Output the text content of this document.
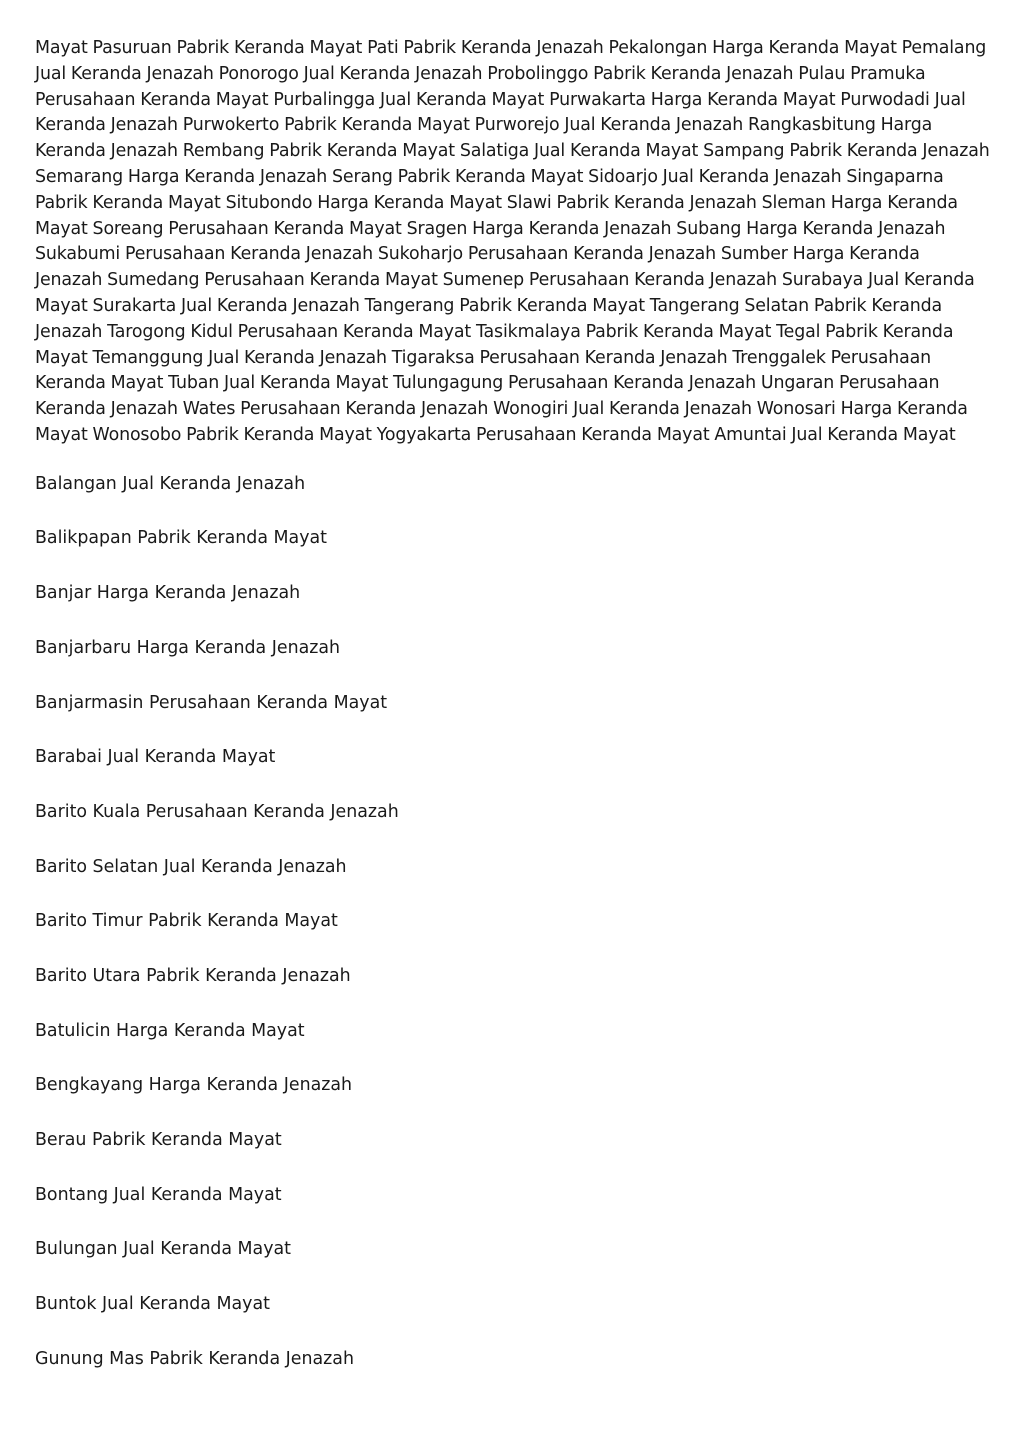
Mayat Pasuruan Pabrik Keranda Mayat Pati Pabrik Keranda Jenazah Pekalongan Harga Keranda Mayat Pemalang Jual Keranda Jenazah Ponorogo Jual Keranda Jenazah Probolinggo Pabrik Keranda Jenazah Pulau Pramuka Perusahaan Keranda Mayat Purbalingga Jual Keranda Mayat Purwakarta Harga Keranda Mayat Purwodadi Jual Keranda Jenazah Purwokerto Pabrik Keranda Mayat Purworejo Jual Keranda Jenazah Rangkasbitung Harga Keranda Jenazah Rembang Pabrik Keranda Mayat Salatiga Jual Keranda Mayat Sampang Pabrik Keranda Jenazah Semarang Harga Keranda Jenazah Serang Pabrik Keranda Mayat Sidoarjo Jual Keranda Jenazah Singaparna Pabrik Keranda Mayat Situbondo Harga Keranda Mayat Slawi Pabrik Keranda Jenazah Sleman Harga Keranda Mayat Soreang Perusahaan Keranda Mayat Sragen Harga Keranda Jenazah Subang Harga Keranda Jenazah Sukabumi Perusahaan Keranda Jenazah Sukoharjo Perusahaan Keranda Jenazah Sumber Harga Keranda Jenazah Sumedang Perusahaan Keranda Mayat Sumenep Perusahaan Keranda Jenazah Surabaya Jual Keranda Mayat Surakarta Jual Keranda Jenazah Tangerang Pabrik Keranda Mayat Tangerang Selatan Pabrik Keranda Jenazah Tarogong Kidul Perusahaan Keranda Mayat Tasikmalaya Pabrik Keranda Mayat Tegal Pabrik Keranda Mayat Temanggung Jual Keranda Jenazah Tigaraksa Perusahaan Keranda Jenazah Trenggalek Perusahaan Keranda Mayat Tuban Jual Keranda Mayat Tulungagung Perusahaan Keranda Jenazah Ungaran Perusahaan Keranda Jenazah Wates Perusahaan Keranda Jenazah Wonogiri Jual Keranda Jenazah Wonosari Harga Keranda Mayat Wonosobo Pabrik Keranda Mayat Yogyakarta Perusahaan Keranda Mayat Amuntai Jual Keranda Mayat

Balangan Jual Keranda Jenazah
Balikpapan Pabrik Keranda Mayat
Banjar Harga Keranda Jenazah
Banjarbaru Harga Keranda Jenazah
Banjarmasin Perusahaan Keranda Mayat
Barabai Jual Keranda Mayat
Barito Kuala Perusahaan Keranda Jenazah
Barito Selatan Jual Keranda Jenazah
Barito Timur Pabrik Keranda Mayat
Barito Utara Pabrik Keranda Jenazah
Batulicin Harga Keranda Mayat
Bengkayang Harga Keranda Jenazah
Berau Pabrik Keranda Mayat
Bontang Jual Keranda Mayat
Bulungan Jual Keranda Mayat
Buntok Jual Keranda Mayat
Gunung Mas Pabrik Keranda Jenazah
